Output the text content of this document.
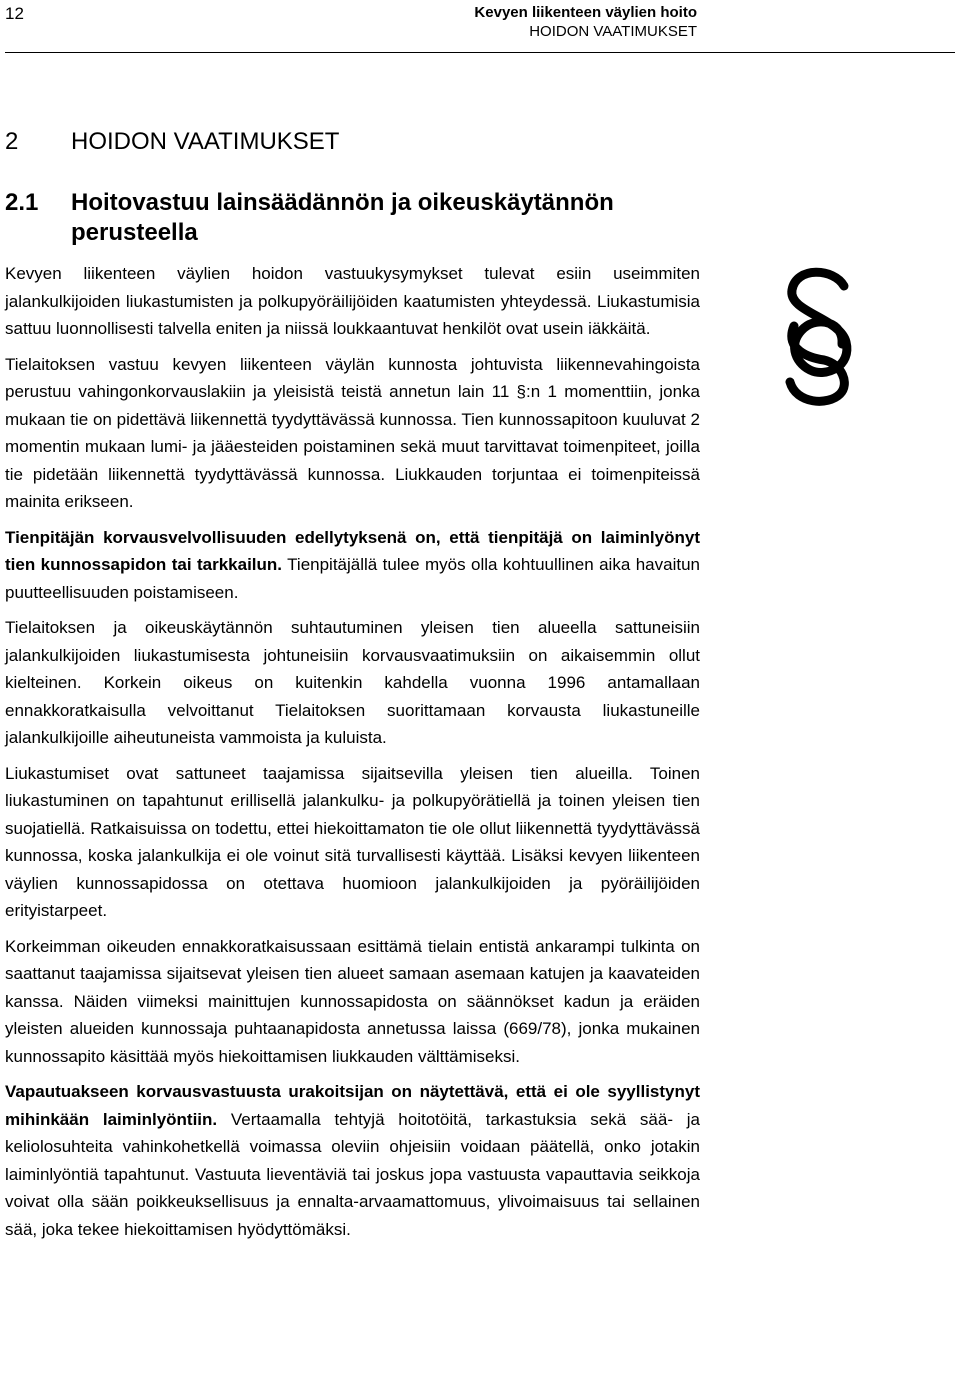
12	Kevyen liikenteen väylien hoito
HOIDON VAATIMUKSET
2	HOIDON VAATIMUKSET
2.1	Hoitovastuu lainsäädännön ja oikeuskäytännön perusteella

Kevyen liikenteen väylien hoidon vastuukysymykset tulevat esiin useimmiten jalankulkijoiden liukastumisten ja polkupyöräilijöiden kaatumisten yhteydessä. Liukastumisia sattuu luonnollisesti talvella eniten ja niissä loukkaantuvat henkilöt ovat usein iäkkäitä.

Tielaitoksen vastuu kevyen liikenteen väylän kunnosta johtuvista liikennevahingoista perustuu vahingonkorvauslakiin ja yleisistä teistä annetun lain 11 §:n 1 momenttiin, jonka mukaan tie on pidettävä liikennettä tyydyttävässä kunnossa. Tien kunnossapitoon kuuluvat 2 momentin mukaan lumi- ja jääesteiden poistaminen sekä muut tarvittavat toimenpiteet, joilla tie pidetään liikennettä tyydyttävässä kunnossa. Liukkauden torjuntaa ei toimenpiteissä mainita erikseen.

Tienpitäjän korvausvelvollisuuden edellytyksenä on, että tienpitäjä on laiminlyönyt tien kunnossapidon tai tarkkailun. Tienpitäjällä tulee myös olla kohtuullinen aika havaitun puutteellisuuden poistamiseen.

Tielaitoksen ja oikeuskäytännön suhtautuminen yleisen tien alueella sattuneisiin jalankulkijoiden liukastumisesta johtuneisiin korvausvaatimuksiin on aikaisemmin ollut kielteinen. Korkein oikeus on kuitenkin kahdella vuonna 1996 antamallaan ennakkoratkaisulla velvoittanut Tielaitoksen suorittamaan korvausta liukastuneille jalankulkijoille aiheutuneista vammoista ja kuluista.

Liukastumiset ovat sattuneet taajamissa sijaitsevilla yleisen tien alueilla. Toinen liukastuminen on tapahtunut erillisellä jalankulku- ja polkupyörätiellä ja toinen yleisen tien suojatiellä. Ratkaisuissa on todettu, ettei hiekoittamaton tie ole ollut liikennettä tyydyttävässä kunnossa, koska jalankulkija ei ole voinut sitä turvallisesti käyttää. Lisäksi kevyen liikenteen väylien kunnossapidossa on otettava huomioon jalankulkijoiden ja pyöräilijöiden erityistarpeet.

Korkeimman oikeuden ennakkoratkaisussaan esittämä tielain entistä ankarampi tulkinta on saattanut taajamissa sijaitsevat yleisen tien alueet samaan asemaan katujen ja kaavateiden kanssa. Näiden viimeksi mainittujen kunnossapidosta on säännökset kadun ja eräiden yleisten alueiden kunnossaja puhtaanapidosta annetussa laissa (669/78), jonka mukainen kunnossapito käsittää myös hiekoittamisen liukkauden välttämiseksi.

Vapautuakseen korvausvastuusta urakoitsijan on näytettävä, että ei ole syyllistynyt mihinkään laiminlyöntiin. Vertaamalla tehtyjä hoitotöitä, tarkastuksia sekä sää- ja keliolosuhteita vahinkohetkellä voimassa oleviin ohjeisiin voidaan päätellä, onko jotakin laiminlyöntiä tapahtunut. Vastuuta lieventäviä tai joskus jopa vastuusta vapauttavia seikkoja voivat olla sään poikkeuksellisuus ja ennalta-arvaamattomuus, ylivoimaisuus tai sellainen sää, joka tekee hiekoittamisen hyödyttömäksi.
